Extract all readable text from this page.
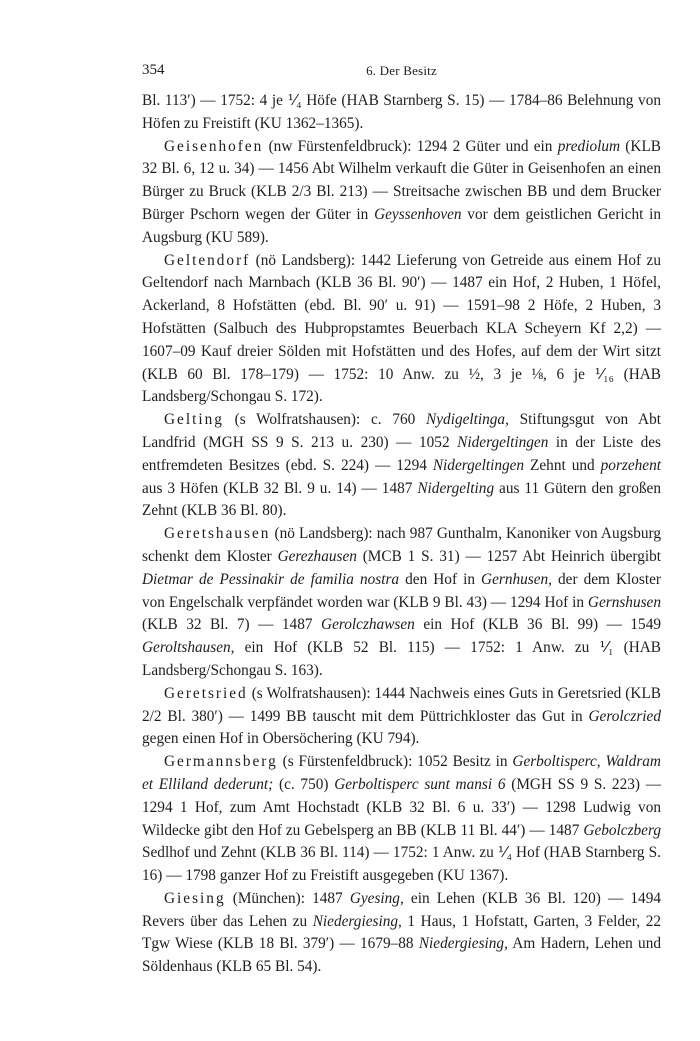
354	6. Der Besitz

Bl. 113′) — 1752: 4 je ⅟₄ Höfe (HAB Starnberg S. 15) — 1784–86 Belehnung von Höfen zu Freistift (KU 1362–1365).

Geisenhofen (nw Fürstenfeldbruck): 1294 2 Güter und ein prediolum (KLB 32 Bl. 6, 12 u. 34) — 1456 Abt Wilhelm verkauft die Güter in Geisenhofen an einen Bürger zu Bruck (KLB 2/3 Bl. 213) — Streitsache zwischen BB und dem Brucker Bürger Pschorn wegen der Güter in Geyssenhoven vor dem geistlichen Gericht in Augsburg (KU 589).

Geltendorf (nö Landsberg): 1442 Lieferung von Getreide aus einem Hof zu Geltendorf nach Marnbach (KLB 36 Bl. 90′) — 1487 ein Hof, 2 Huben, 1 Höfel, Ackerland, 8 Hofstätten (ebd. Bl. 90′ u. 91) — 1591–98 2 Höfe, 2 Huben, 3 Hofstätten (Salbuch des Hubpropstamtes Beuerbach KLA Scheyern Kf 2,2) — 1607–09 Kauf dreier Sölden mit Hofstätten und des Hofes, auf dem der Wirt sitzt (KLB 60 Bl. 178–179) — 1752: 10 Anw. zu ½, 3 je ⅛, 6 je ⅟₁₆ (HAB Landsberg/Schongau S. 172).

Gelting (s Wolfratshausen): c. 760 Nydigeltinga, Stiftungsgut von Abt Landfrid (MGH SS 9 S. 213 u. 230) — 1052 Nidergeltingen in der Liste des entfremdeten Besitzes (ebd. S. 224) — 1294 Nidergeltingen Zehnt und porzehent aus 3 Höfen (KLB 32 Bl. 9 u. 14) — 1487 Nidergelting aus 11 Gütern den großen Zehnt (KLB 36 Bl. 80).

Geretshausen (nö Landsberg): nach 987 Gunthalm, Kanoniker von Augsburg schenkt dem Kloster Gerezhausen (MCB 1 S. 31) — 1257 Abt Heinrich übergibt Dietmar de Pessinakir de familia nostra den Hof in Gernhusen, der dem Kloster von Engelschalk verpfändet worden war (KLB 9 Bl. 43) — 1294 Hof in Gernshusen (KLB 32 Bl. 7) — 1487 Gerolczhawsen ein Hof (KLB 36 Bl. 99) — 1549 Geroltshausen, ein Hof (KLB 52 Bl. 115) — 1752: 1 Anw. zu ⅟₁ (HAB Landsberg/Schongau S. 163).

Geretsried (s Wolfratshausen): 1444 Nachweis eines Guts in Geretsried (KLB 2/2 Bl. 380′) — 1499 BB tauscht mit dem Püttrichkloster das Gut in Gerolczried gegen einen Hof in Obersöchering (KU 794).

Germannsberg (s Fürstenfeldbruck): 1052 Besitz in Gerboltisperc, Waldram et Elliland dederunt; (c. 750) Gerboltisperc sunt mansi 6 (MGH SS 9 S. 223) — 1294 1 Hof, zum Amt Hochstadt (KLB 32 Bl. 6 u. 33′) — 1298 Ludwig von Wildecke gibt den Hof zu Gebelsperg an BB (KLB 11 Bl. 44′) — 1487 Gebolczberg Sedlhof und Zehnt (KLB 36 Bl. 114) — 1752: 1 Anw. zu ⅟₄ Hof (HAB Starnberg S. 16) — 1798 ganzer Hof zu Freistift ausgegeben (KU 1367).

Giesing (München): 1487 Gyesing, ein Lehen (KLB 36 Bl. 120) — 1494 Revers über das Lehen zu Niedergiesing, 1 Haus, 1 Hofstatt, Garten, 3 Felder, 22 Tgw Wiese (KLB 18 Bl. 379′) — 1679–88 Niedergiesing, Am Hadern, Lehen und Söldenhaus (KLB 65 Bl. 54).
